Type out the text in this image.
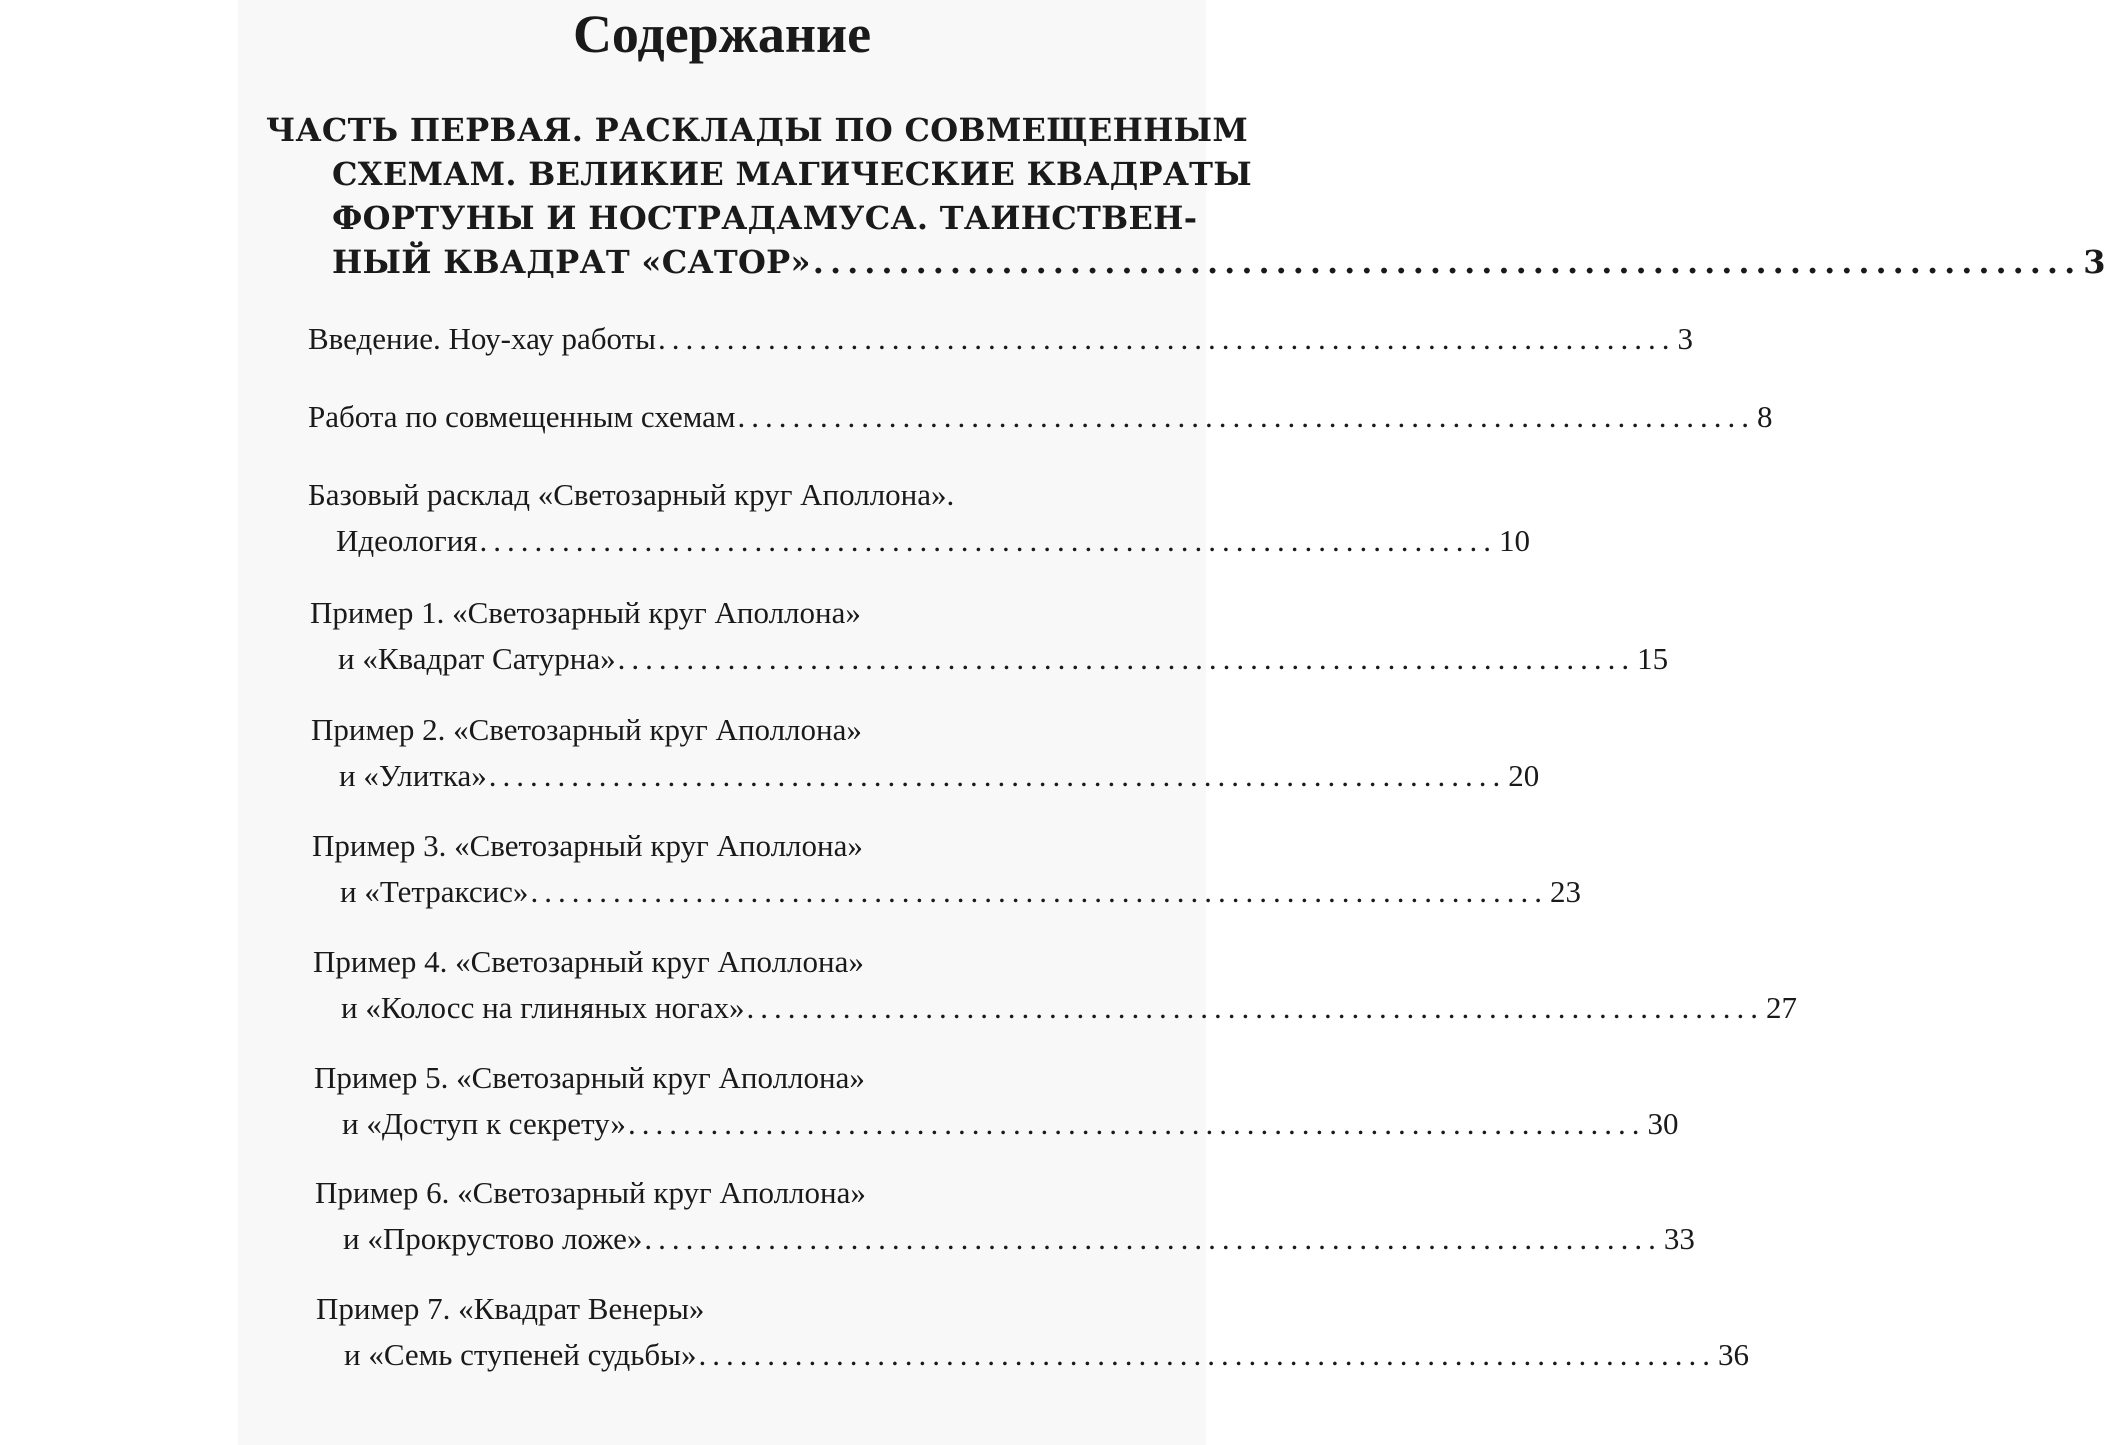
Содержание
ЧАСТЬ ПЕРВАЯ. РАСКЛАДЫ ПО СОВМЕЩЕННЫМ
СХЕМАМ. ВЕЛИКИЕ МАГИЧЕСКИЕ КВАДРАТЫ
ФОРТУНЫ И НОСТРАДАМУСА. ТАИНСТВЕН-
НЫЙ КВАДРАТ «САТОР» .......................................................................... 3
Введение. Ноу-хау работы .......................................................................... 3
Работа по совмещенным схемам .......................................................................... 8
Базовый расклад «Светозарный круг Аполлона».
Идеология .......................................................................... 10
Пример 1. «Светозарный круг Аполлона»
и «Квадрат Сатурна» .......................................................................... 15
Пример 2. «Светозарный круг Аполлона»
и «Улитка» .......................................................................... 20
Пример 3. «Светозарный круг Аполлона»
и «Тетраксис» .......................................................................... 23
Пример 4. «Светозарный круг Аполлона»
и «Колосс на глиняных ногах» .......................................................................... 27
Пример 5. «Светозарный круг Аполлона»
и «Доступ к секрету» .......................................................................... 30
Пример 6. «Светозарный круг Аполлона»
и «Прокрустово ложе» .......................................................................... 33
Пример 7. «Квадрат Венеры»
и «Семь ступеней судьбы» .......................................................................... 36
